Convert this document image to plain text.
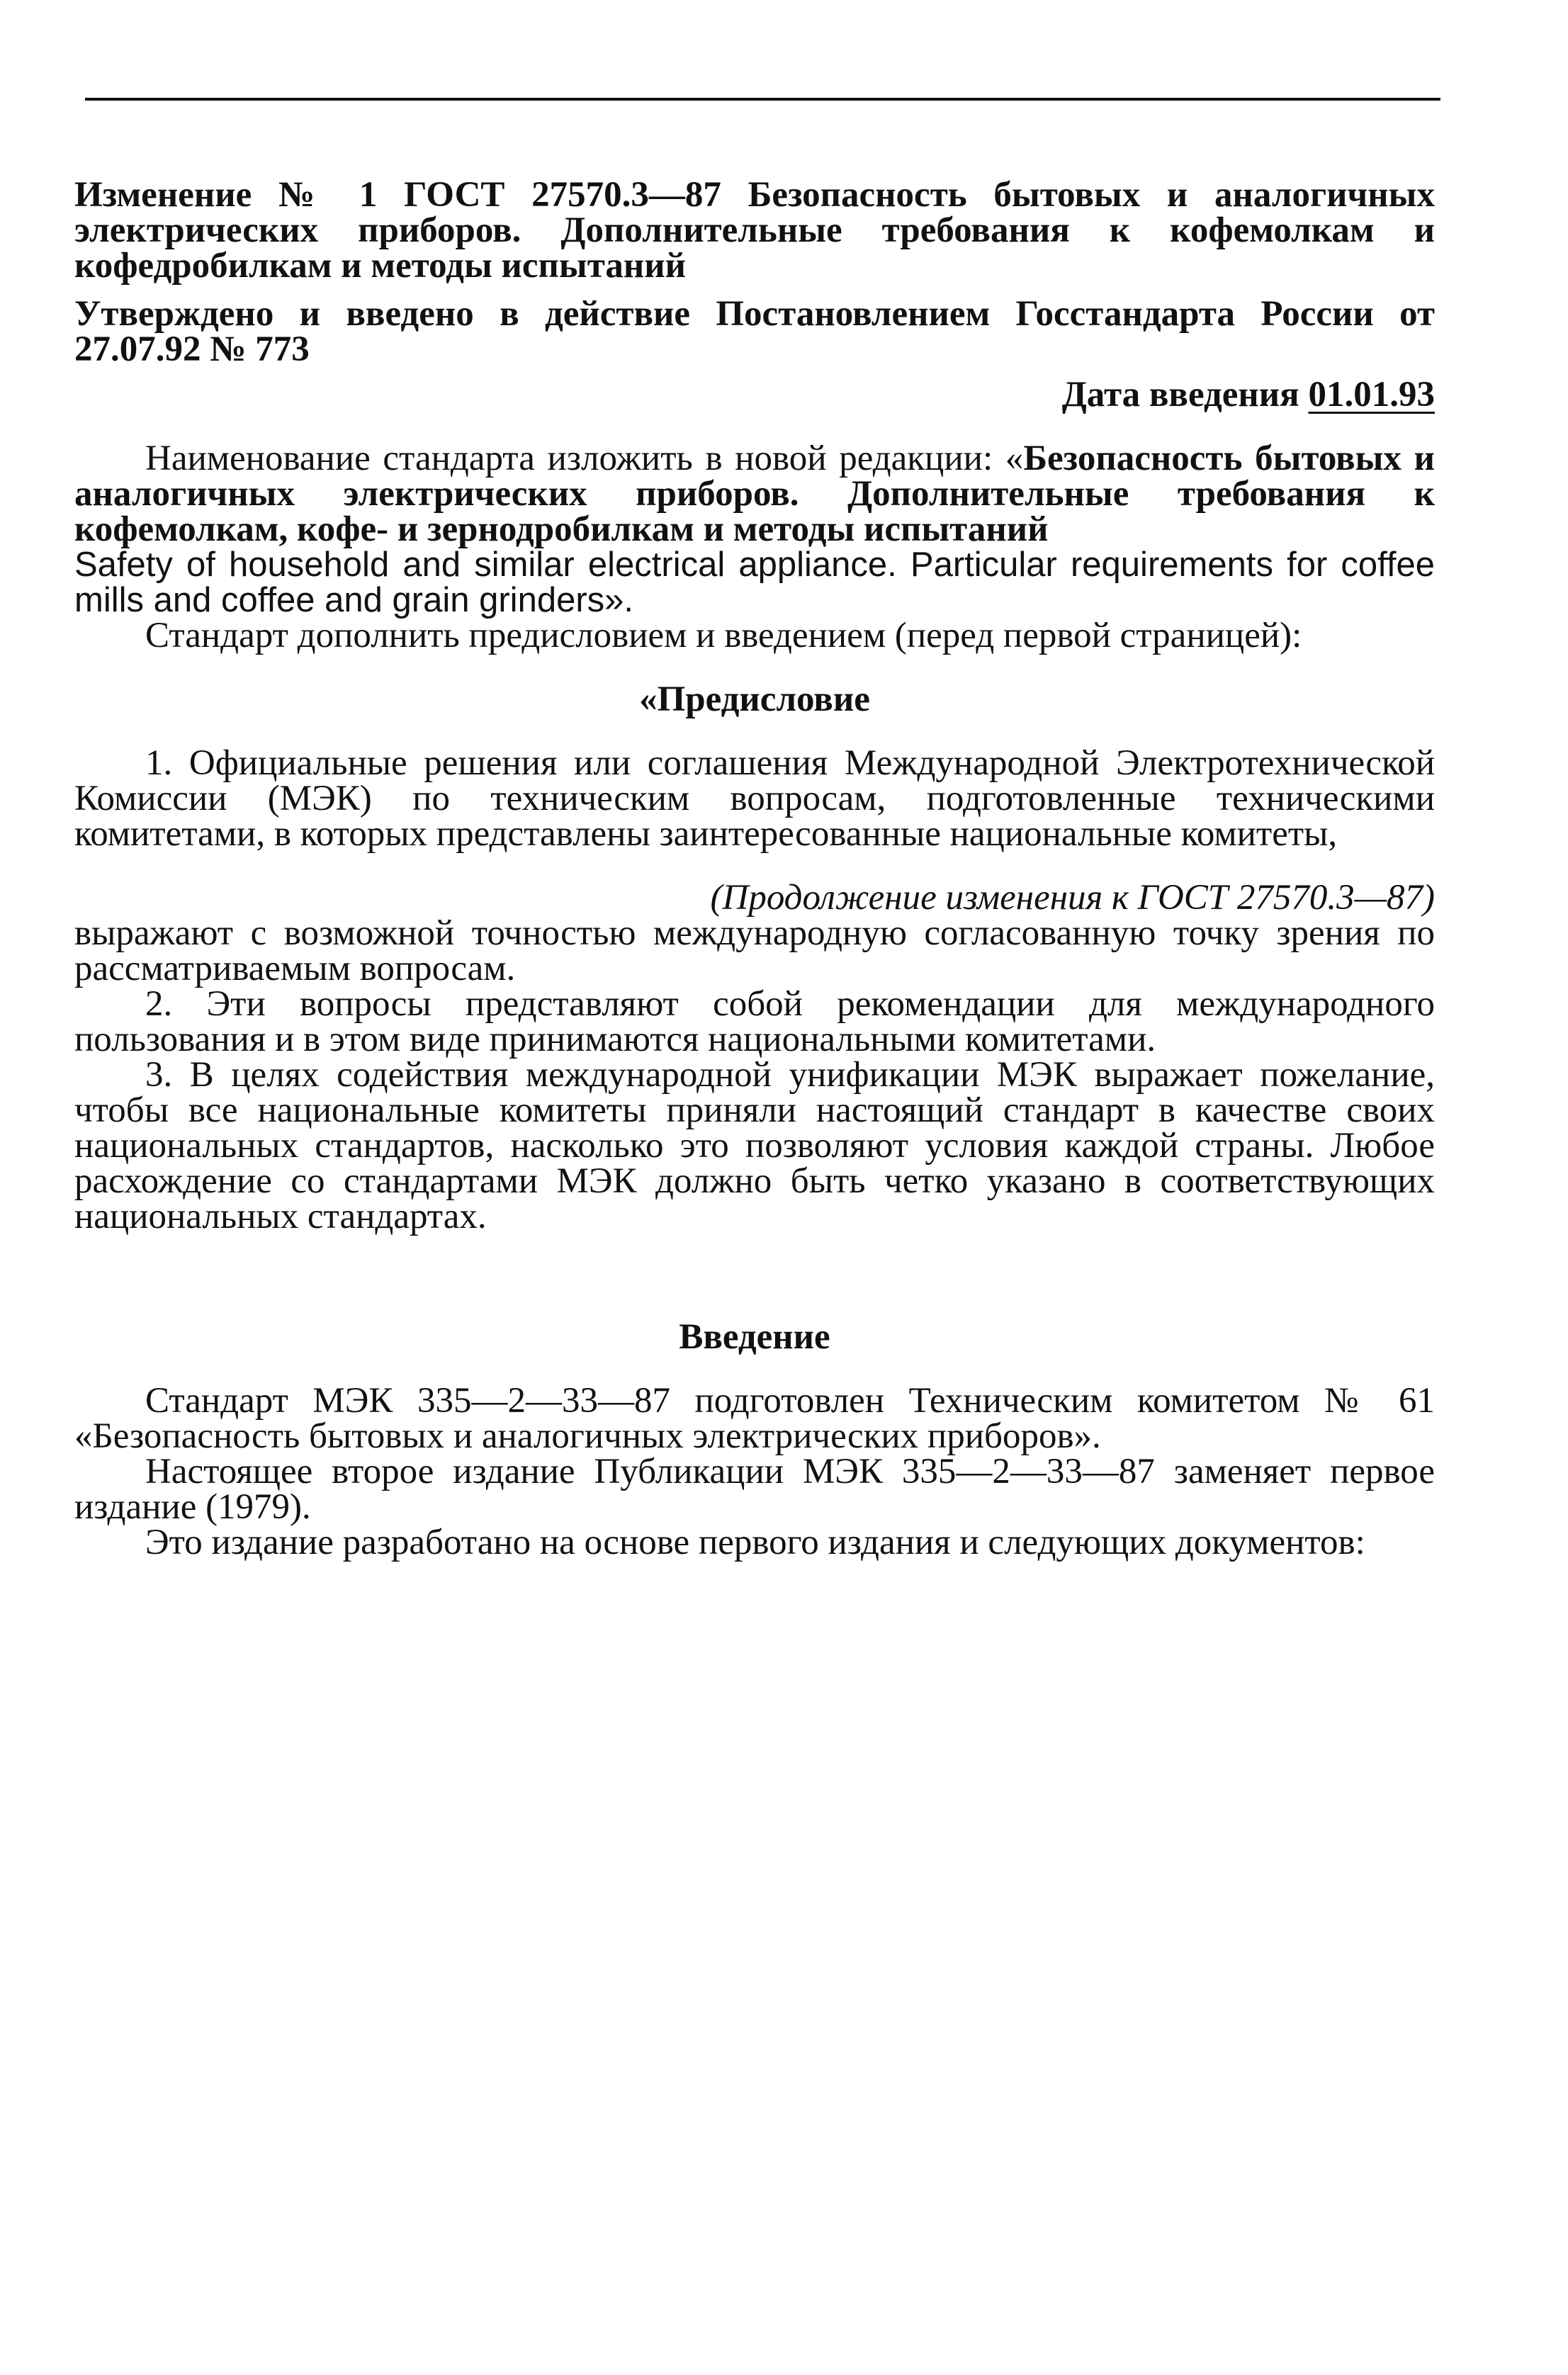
Изменение № 1 ГОСТ 27570.3—87 Безопасность бытовых и аналогичных электрических приборов. Дополнительные требования к кофемолкам и кофедробилкам и методы испытаний

Утверждено и введено в действие Постановлением Госстандарта России от 27.07.92 № 773

Дата введения 01.01.93

Наименование стандарта изложить в новой редакции: «Безопасность бытовых и аналогичных электрических приборов. Дополнительные требования к кофемолкам, кофе- и зернодробилкам и методы испытаний
Safety of household and similar electrical appliance. Particular requirements for coffee mills and coffee and grain grinders».

Стандарт дополнить предисловием и введением (перед первой страницей):

«Предисловие

1. Официальные решения или соглашения Международной Электротехнической Комиссии (МЭК) по техническим вопросам, подготовленные техническими комитетами, в которых представлены заинтересованные национальные комитеты,

(Продолжение изменения к ГОСТ 27570.3—87)

выражают с возможной точностью международную согласованную точку зрения по рассматриваемым вопросам.

2. Эти вопросы представляют собой рекомендации для международного пользования и в этом виде принимаются национальными комитетами.

3. В целях содействия международной унификации МЭК выражает пожелание, чтобы все национальные комитеты приняли настоящий стандарт в качестве своих национальных стандартов, насколько это позволяют условия каждой страны. Любое расхождение со стандартами МЭК должно быть четко указано в соответствующих национальных стандартах.

Введение

Стандарт МЭК 335—2—33—87 подготовлен Техническим комитетом № 61 «Безопасность бытовых и аналогичных электрических приборов».

Настоящее второе издание Публикации МЭК 335—2—33—87 заменяет первое издание (1979).

Это издание разработано на основе первого издания и следующих документов:
